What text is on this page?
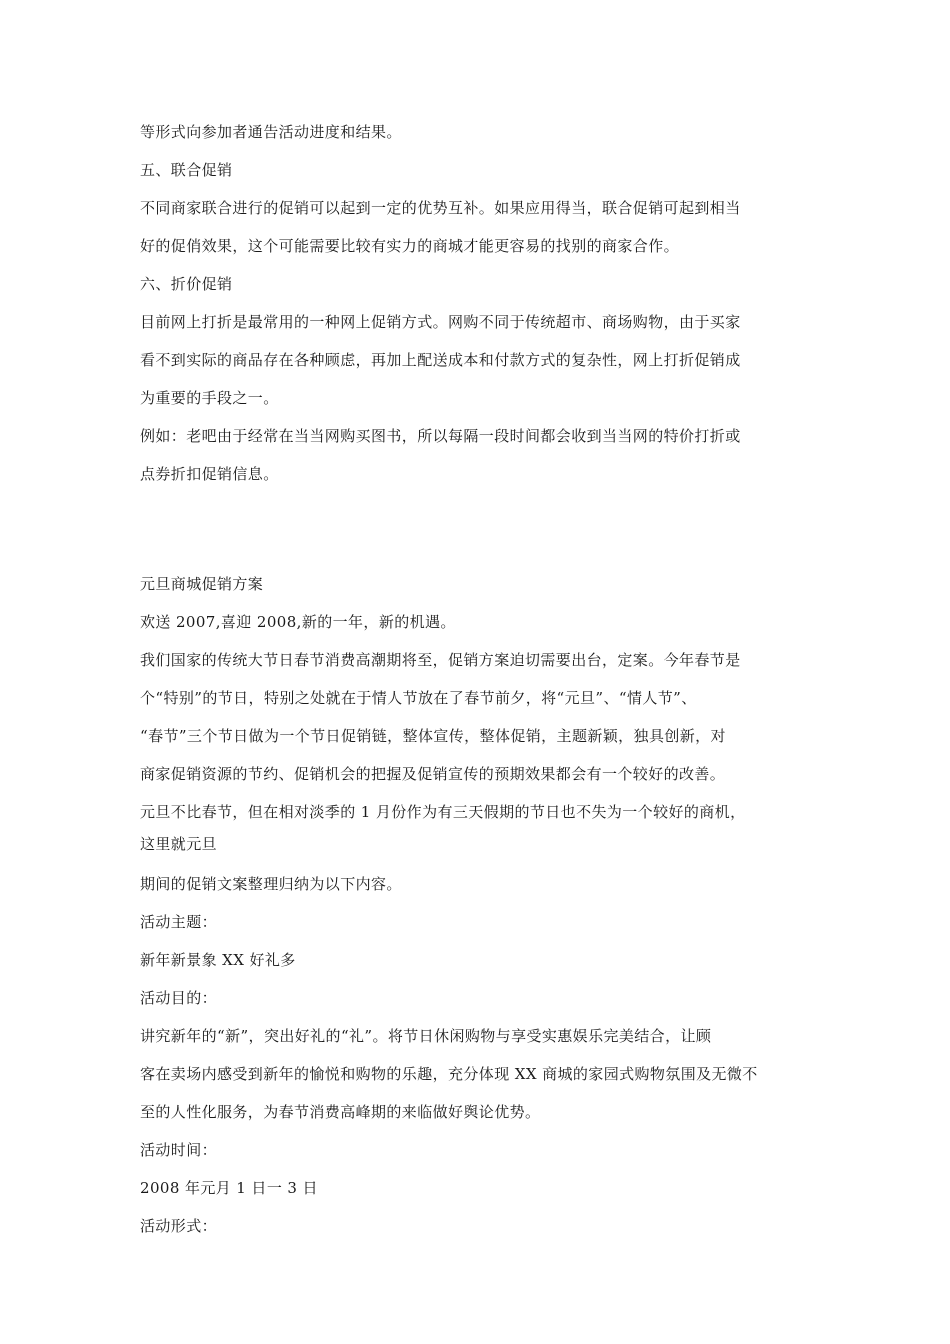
等形式向参加者通告活动进度和结果。
五、联合促销
不同商家联合进行的促销可以起到一定的优势互补。如果应用得当，联合促销可起到相当
好的促俏效果，这个可能需要比较有实力的商城才能更容易的找别的商家合作。
六、折价促销
目前网上打折是最常用的一种网上促销方式。网购不同于传统超市、商场购物，由于买家
看不到实际的商品存在各种顾虑，再加上配送成本和付款方式的复杂性，网上打折促销成
为重要的手段之一。
例如：老吧由于经常在当当网购买图书，所以每隔一段时间都会收到当当网的特价打折或
点券折扣促销信息。
元旦商城促销方案
欢送 2007,喜迎 2008,新的一年，新的机遇。
我们国家的传统大节日春节消费高潮期将至，促销方案迫切需要出台，定案。今年春节是
个“特别”的节日，特别之处就在于情人节放在了春节前夕，将“元旦”、“情人节”、
“春节”三个节日做为一个节日促销链，整体宣传，整体促销，主题新颖，独具创新，对
商家促销资源的节约、促销机会的把握及促销宣传的预期效果都会有一个较好的改善。
元旦不比春节，但在相对淡季的 1 月份作为有三天假期的节日也不失为一个较好的商机，
这里就元旦
期间的促销文案整理归纳为以下内容。
活动主题：
新年新景象 XX 好礼多
活动目的：
讲究新年的“新”，突出好礼的“礼”。将节日休闲购物与享受实惠娱乐完美结合，让顾
客在卖场内感受到新年的愉悦和购物的乐趣，充分体现 XX 商城的家园式购物氛围及无微不
至的人性化服务，为春节消费高峰期的来临做好舆论优势。
活动时间：
2008 年元月 1 日一 3 日
活动形式：
